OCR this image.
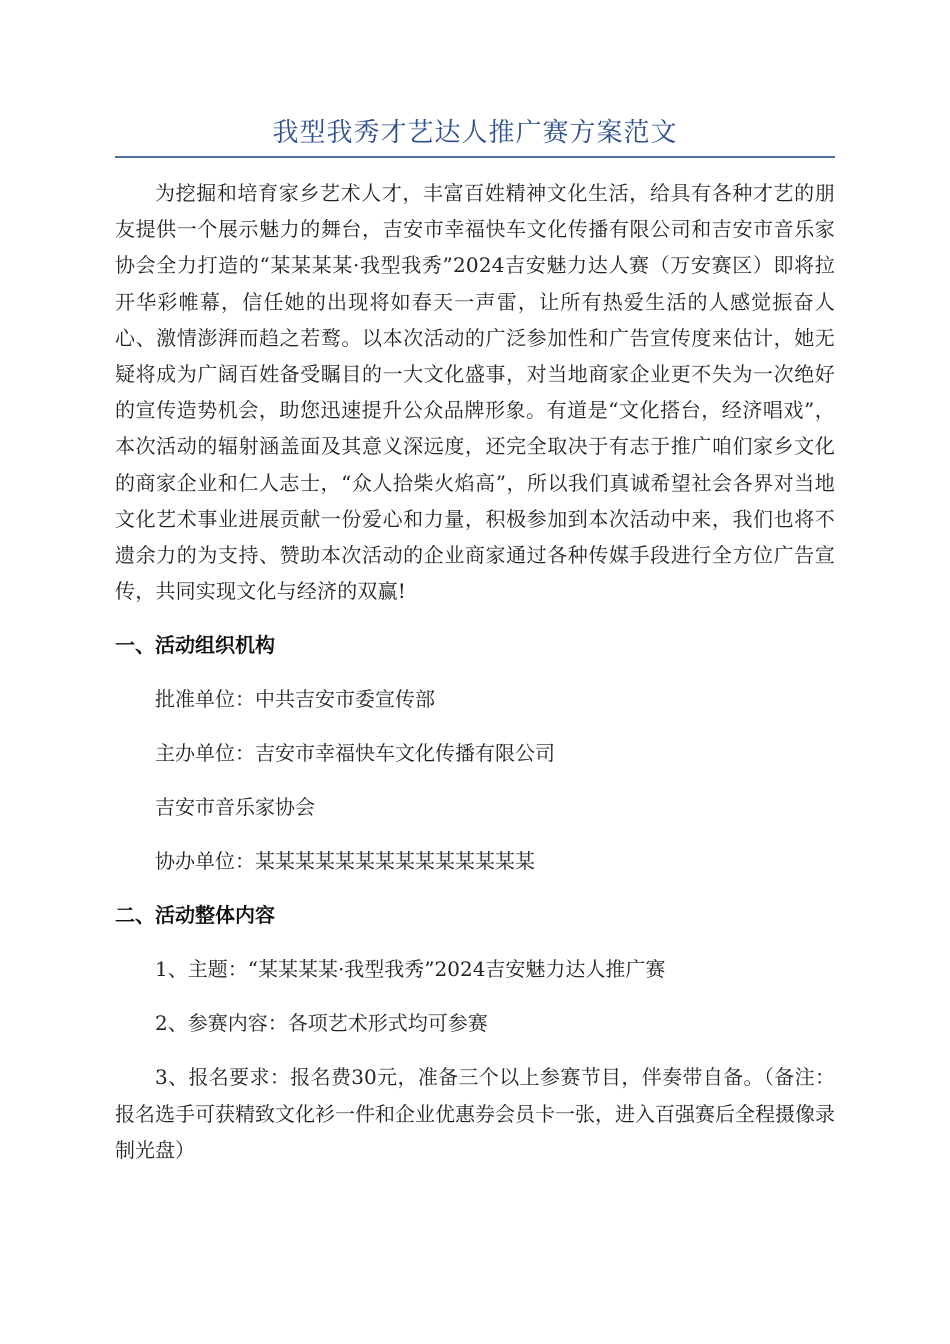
我型我秀才艺达人推广赛方案范文

为挖掘和培育家乡艺术人才，丰富百姓精神文化生活，给具有各种才艺的朋友提供一个展示魅力的舞台，吉安市幸福快车文化传播有限公司和吉安市音乐家协会全力打造的“某某某某·我型我秀”2024吉安魅力达人赛（万安赛区）即将拉开华彩帷幕，信任她的出现将如春天一声雷，让所有热爱生活的人感觉振奋人心、激情澎湃而趋之若鹜。以本次活动的广泛参加性和广告宣传度来估计，她无疑将成为广阔百姓备受瞩目的一大文化盛事，对当地商家企业更不失为一次绝好的宣传造势机会，助您迅速提升公众品牌形象。有道是“文化搭台，经济唱戏”，本次活动的辐射涵盖面及其意义深远度，还完全取决于有志于推广咱们家乡文化的商家企业和仁人志士，“众人拾柴火焰高”，所以我们真诚希望社会各界对当地文化艺术事业进展贡献一份爱心和力量，积极参加到本次活动中来，我们也将不遗余力的为支持、赞助本次活动的企业商家通过各种传媒手段进行全方位广告宣传，共同实现文化与经济的双赢!

一、活动组织机构

批准单位：中共吉安市委宣传部

主办单位：吉安市幸福快车文化传播有限公司

吉安市音乐家协会

协办单位：某某某某某某某某某某某某某某

二、活动整体内容

1、主题：“某某某某·我型我秀”2024吉安魅力达人推广赛

2、参赛内容：各项艺术形式均可参赛

3、报名要求：报名费30元，准备三个以上参赛节目，伴奏带自备。（备注：报名选手可获精致文化衫一件和企业优惠券会员卡一张，进入百强赛后全程摄像录制光盘）
